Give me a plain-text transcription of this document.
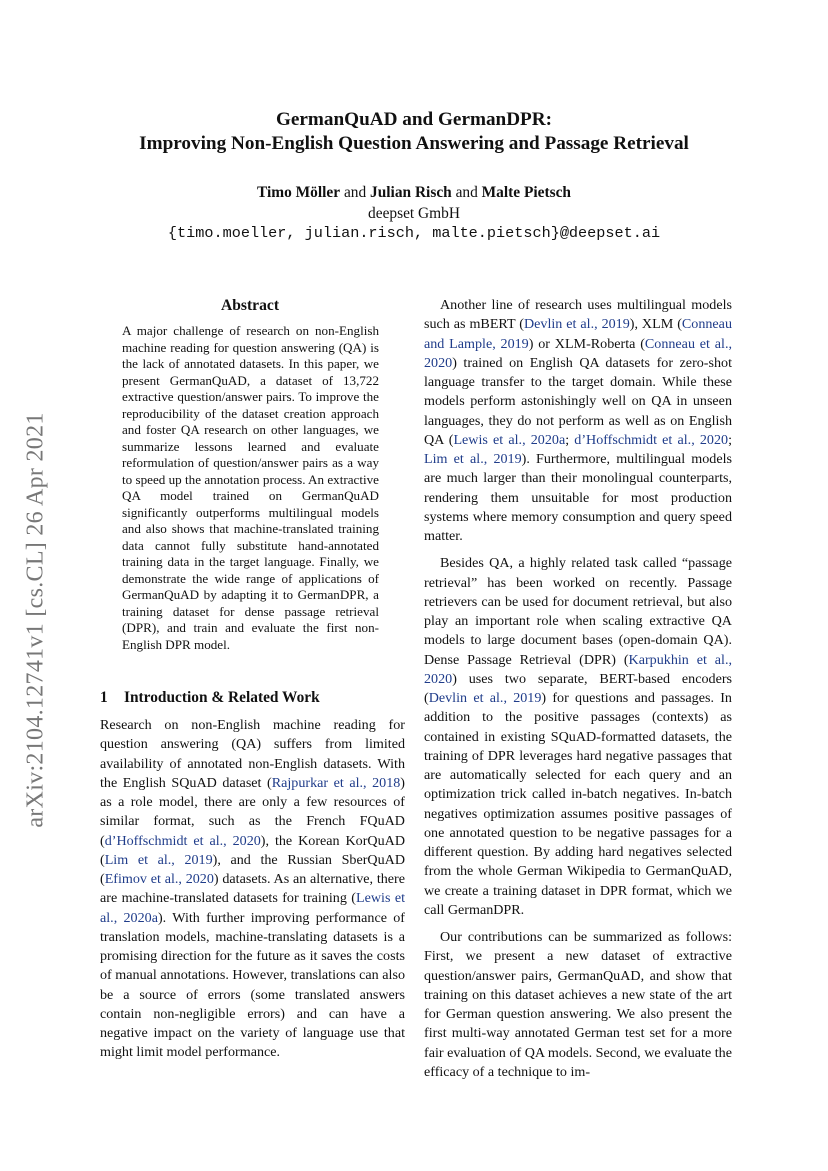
arXiv:2104.12741v1 [cs.CL] 26 Apr 2021
GermanQuAD and GermanDPR:
Improving Non-English Question Answering and Passage Retrieval
Timo Möller and Julian Risch and Malte Pietsch
deepset GmbH
{timo.moeller, julian.risch, malte.pietsch}@deepset.ai
Abstract
A major challenge of research on non-English machine reading for question answering (QA) is the lack of annotated datasets. In this paper, we present GermanQuAD, a dataset of 13,722 extractive question/answer pairs. To improve the reproducibility of the dataset creation approach and foster QA research on other languages, we summarize lessons learned and evaluate reformulation of question/answer pairs as a way to speed up the annotation process. An extractive QA model trained on GermanQuAD significantly outperforms multilingual models and also shows that machine-translated training data cannot fully substitute hand-annotated training data in the target language. Finally, we demonstrate the wide range of applications of GermanQuAD by adapting it to GermanDPR, a training dataset for dense passage retrieval (DPR), and train and evaluate the first non-English DPR model.
1 Introduction & Related Work

Research on non-English machine reading for question answering (QA) suffers from limited availability of annotated non-English datasets. With the English SQuAD dataset (Rajpurkar et al., 2018) as a role model, there are only a few resources of similar format, such as the French FQuAD (d’Hoffschmidt et al., 2020), the Korean KorQuAD (Lim et al., 2019), and the Russian SberQuAD (Efimov et al., 2020) datasets. As an alternative, there are machine-translated datasets for training (Lewis et al., 2020a). With further improving performance of translation models, machine-translating datasets is a promising direction for the future as it saves the costs of manual annotations. However, translations can also be a source of errors (some translated answers contain non-negligible errors) and can have a negative impact on the variety of language use that might limit model performance.

Another line of research uses multilingual models such as mBERT (Devlin et al., 2019), XLM (Conneau and Lample, 2019) or XLM-Roberta (Conneau et al., 2020) trained on English QA datasets for zero-shot language transfer to the target domain. While these models perform astonishingly well on QA in unseen languages, they do not perform as well as on English QA (Lewis et al., 2020a; d’Hoffschmidt et al., 2020; Lim et al., 2019). Furthermore, multilingual models are much larger than their monolingual counterparts, rendering them unsuitable for most production systems where memory consumption and query speed matter.

Besides QA, a highly related task called “passage retrieval” has been worked on recently. Passage retrievers can be used for document retrieval, but also play an important role when scaling extractive QA models to large document bases (open-domain QA). Dense Passage Retrieval (DPR) (Karpukhin et al., 2020) uses two separate, BERT-based encoders (Devlin et al., 2019) for questions and passages. In addition to the positive passages (contexts) as contained in existing SQuAD-formatted datasets, the training of DPR leverages hard negative passages that are automatically selected for each query and an optimization trick called in-batch negatives. In-batch negatives optimization assumes positive passages of one annotated question to be negative passages for a different question. By adding hard negatives selected from the whole German Wikipedia to GermanQuAD, we create a training dataset in DPR format, which we call GermanDPR.

Our contributions can be summarized as follows: First, we present a new dataset of extractive question/answer pairs, GermanQuAD, and show that training on this dataset achieves a new state of the art for German question answering. We also present the first multi-way annotated German test set for a more fair evaluation of QA models. Second, we evaluate the efficacy of a technique to im-
